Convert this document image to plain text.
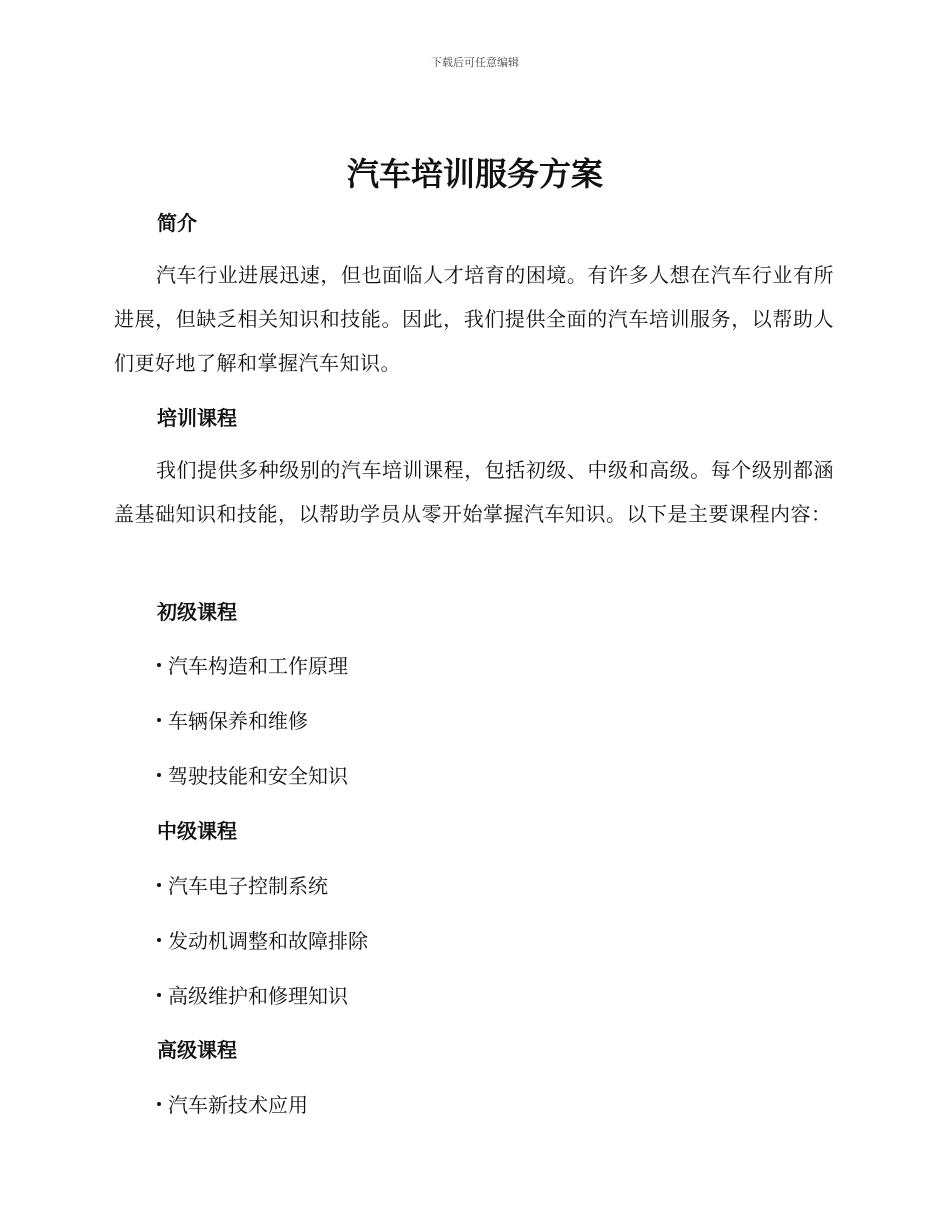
下载后可任意编辑
汽车培训服务方案
简介

汽车行业进展迅速，但也面临人才培育的困境。有许多人想在汽车行业有所进展，但缺乏相关知识和技能。因此，我们提供全面的汽车培训服务，以帮助人们更好地了解和掌握汽车知识。

培训课程

我们提供多种级别的汽车培训课程，包括初级、中级和高级。每个级别都涵盖基础知识和技能，以帮助学员从零开始掌握汽车知识。以下是主要课程内容：

初级课程
汽车构造和工作原理
车辆保养和维修
驾驶技能和安全知识
中级课程
汽车电子控制系统
发动机调整和故障排除
高级维护和修理知识
高级课程
汽车新技术应用
